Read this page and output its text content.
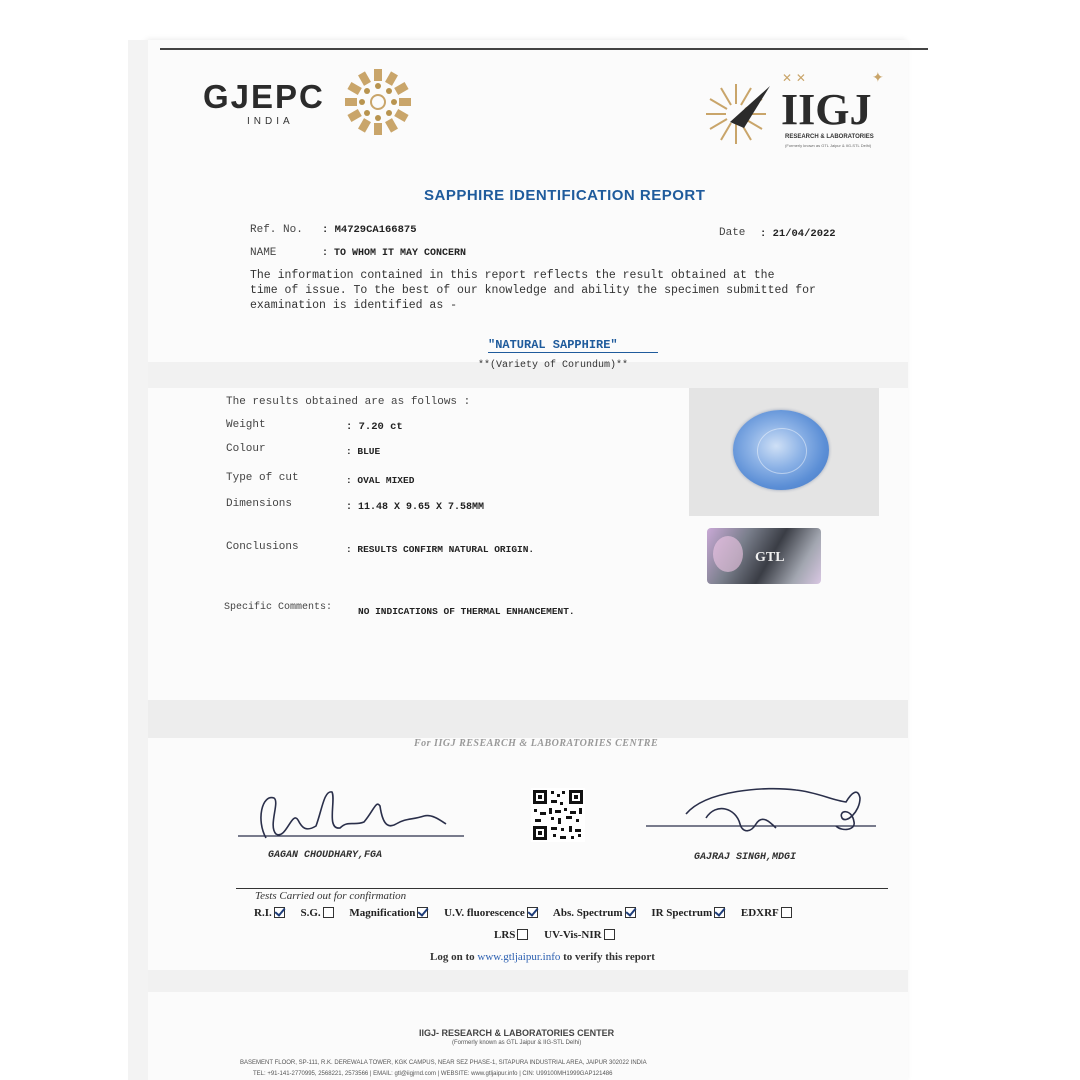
GJEPC
INDIA
✕ ✕	✦
IIGJ
RESEARCH & LABORATORIES
(Formerly known as GTL Jaipur & IIG-STL Delhi)
SAPPHIRE IDENTIFICATION REPORT
Ref. No. : M4729CA166875	Date : 21/04/2022
NAME	: TO WHOM IT MAY CONCERN
The information contained in this report reflects the result obtained at the
time of issue. To the best of our knowledge and ability the specimen submitted for
examination is identified as -
"NATURAL SAPPHIRE"
**(Variety of Corundum)**
The results obtained are as follows :
Weight	: 7.20 ct
Colour	: BLUE
Type of cut	: OVAL MIXED
Dimensions	: 11.48 X 9.65 X 7.58MM
Conclusions	: RESULTS CONFIRM NATURAL ORIGIN.
Specific Comments:	NO INDICATIONS OF THERMAL ENHANCEMENT.
GTL
For IIGJ RESEARCH & LABORATORIES CENTRE
GAGAN CHOUDHARY,FGA	GAJRAJ SINGH,MDGI
Tests Carried out for confirmation
R.I.	S.G.	Magnification	U.V. fluorescence	Abs. Spectrum	IR Spectrum	EDXRF
LRS	UV-Vis-NIR
Log on to www.gtljaipur.info to verify this report
IIGJ- RESEARCH & LABORATORIES CENTER
(Formerly known as GTL Jaipur & IIG-STL Delhi)
BASEMENT FLOOR, SP-111, R.K. DEREWALA TOWER, KGK CAMPUS, NEAR SEZ PHASE-1, SITAPURA INDUSTRIAL AREA, JAIPUR 302022 INDIA
TEL: +91-141-2770995, 2568221, 2573566 | EMAIL: gtl@iigjrnd.com | WEBSITE: www.gtljaipur.info | CIN: U99100MH1999GAP121486
